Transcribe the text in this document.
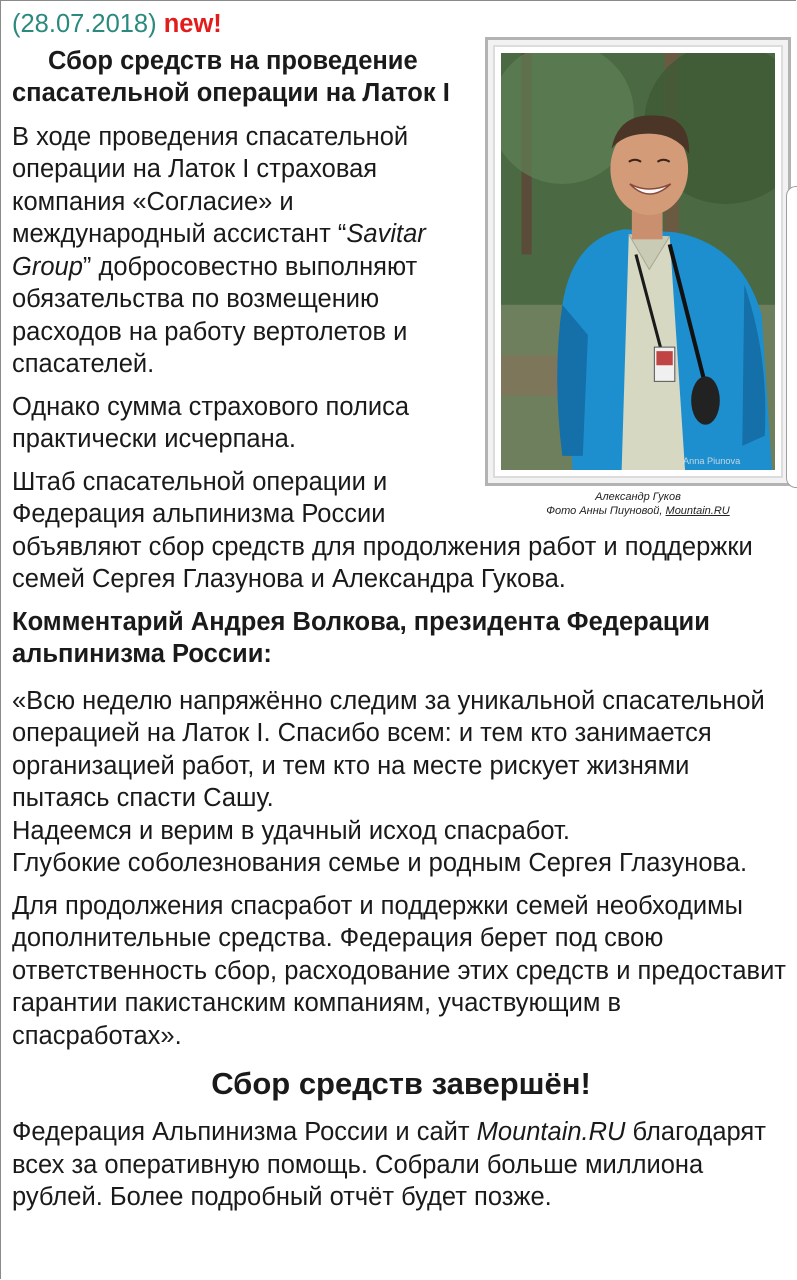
(28.07.2018) new!
Anna Piunova
Александр Гуков
Фото Анны Пиуновой, Mountain.RU
Сбор средств на проведение спасательной операции на Латок I

В ходе проведения спасательной операции на Латок I страховая компания «Согласие» и международный ассистант “Savitar Group” добросовестно выполняют обязательства по возмещению расходов на работу вертолетов и спасателей.

Однако сумма страхового полиса практически исчерпана.

Штаб спасательной операции и Федерация альпинизма России объявляют сбор средств для продолжения работ и поддержки семей Сергея Глазунова и Александра Гукова.

Комментарий Андрея Волкова, президента Федерации альпинизма России:

«Всю неделю напряжённо следим за уникальной спасательной операцией на Латок I. Спасибо всем: и тем кто занимается организацией работ, и тем кто на месте рискует жизнями пытаясь спасти Сашу.
Надеемся и верим в удачный исход спасработ.
Глубокие соболезнования семье и родным Сергея Глазунова.

Для продолжения спасработ и поддержки семей необходимы дополнительные средства. Федерация берет под свою ответственность сбор, расходование этих средств и предоставит гарантии пакистанским компаниям, участвующим в спасработах».

Сбор средств завершён!

Федерация Альпинизма России и сайт Mountain.RU благодарят всех за оперативную помощь. Собрали больше миллиона рублей. Более подробный отчёт будет позже.
